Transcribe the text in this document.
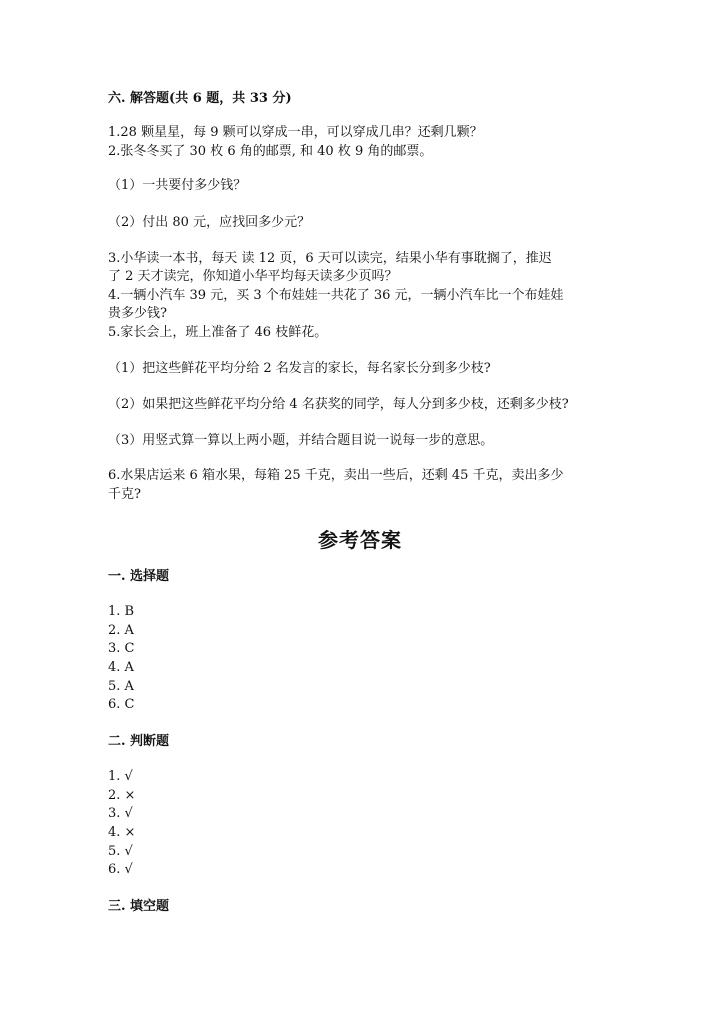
六. 解答题(共 6 题，共 33 分)
1.28 颗星星，每 9 颗可以穿成一串，可以穿成几串？还剩几颗？
2.张冬冬买了 30 枚 6 角的邮票, 和 40 枚 9 角的邮票。
（1）一共要付多少钱？
（2）付出 80 元，应找回多少元？
3.小华读一本书，每天 读 12 页，6 天可以读完，结果小华有事耽搁了，推迟
了 2 天才读完，你知道小华平均每天读多少页吗？
4.一辆小汽车 39 元，买 3 个布娃娃一共花了 36 元，一辆小汽车比一个布娃娃
贵多少钱?
5.家长会上，班上准备了 46 枝鲜花。
（1）把这些鲜花平均分给 2 名发言的家长，每名家长分到多少枝?
（2）如果把这些鲜花平均分给 4 名获奖的同学，每人分到多少枝，还剩多少枝?
（3）用竖式算一算以上两小题，并结合题目说一说每一步的意思。
6.水果店运来 6 箱水果，每箱 25 千克，卖出一些后，还剩 45 千克，卖出多少
千克?
参考答案
一. 选择题
1. B
2. A
3. C
4. A
5. A
6. C
二. 判断题
1. √
2. ×
3. √
4. ×
5. √
6. √
三. 填空题
